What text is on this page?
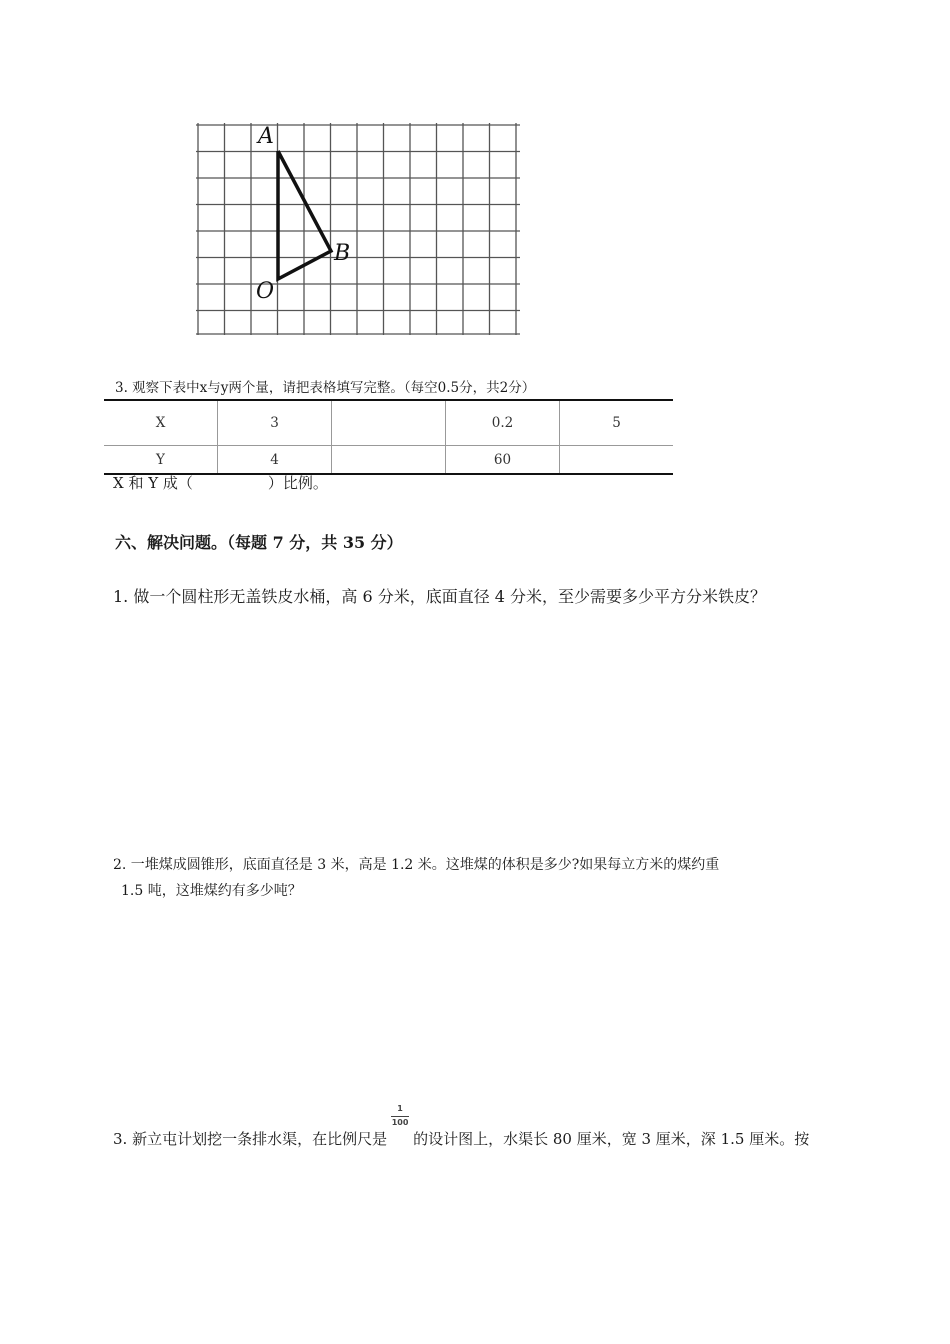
A
B
O
3. 观察下表中x与y两个量，请把表格填写完整。（每空0.5分，共2分）
X	3		0.2	5
Y	4		60	
X 和 Y 成（　　　　　）比例。
六、解决问题。（每题 7 分，共 35 分）
1. 做一个圆柱形无盖铁皮水桶，高 6 分米，底面直径 4 分米，至少需要多少平方分米铁皮？
2. 一堆煤成圆锥形，底面直径是 3 米，高是 1.2 米。这堆煤的体积是多少?如果每立方米的煤约重
1.5 吨，这堆煤约有多少吨？
3. 新立屯计划挖一条排水渠，在比例尺是 $\frac{1}{100}$ 的设计图上，水渠长 80 厘米，宽 3 厘米，深 1.5 厘米。按
